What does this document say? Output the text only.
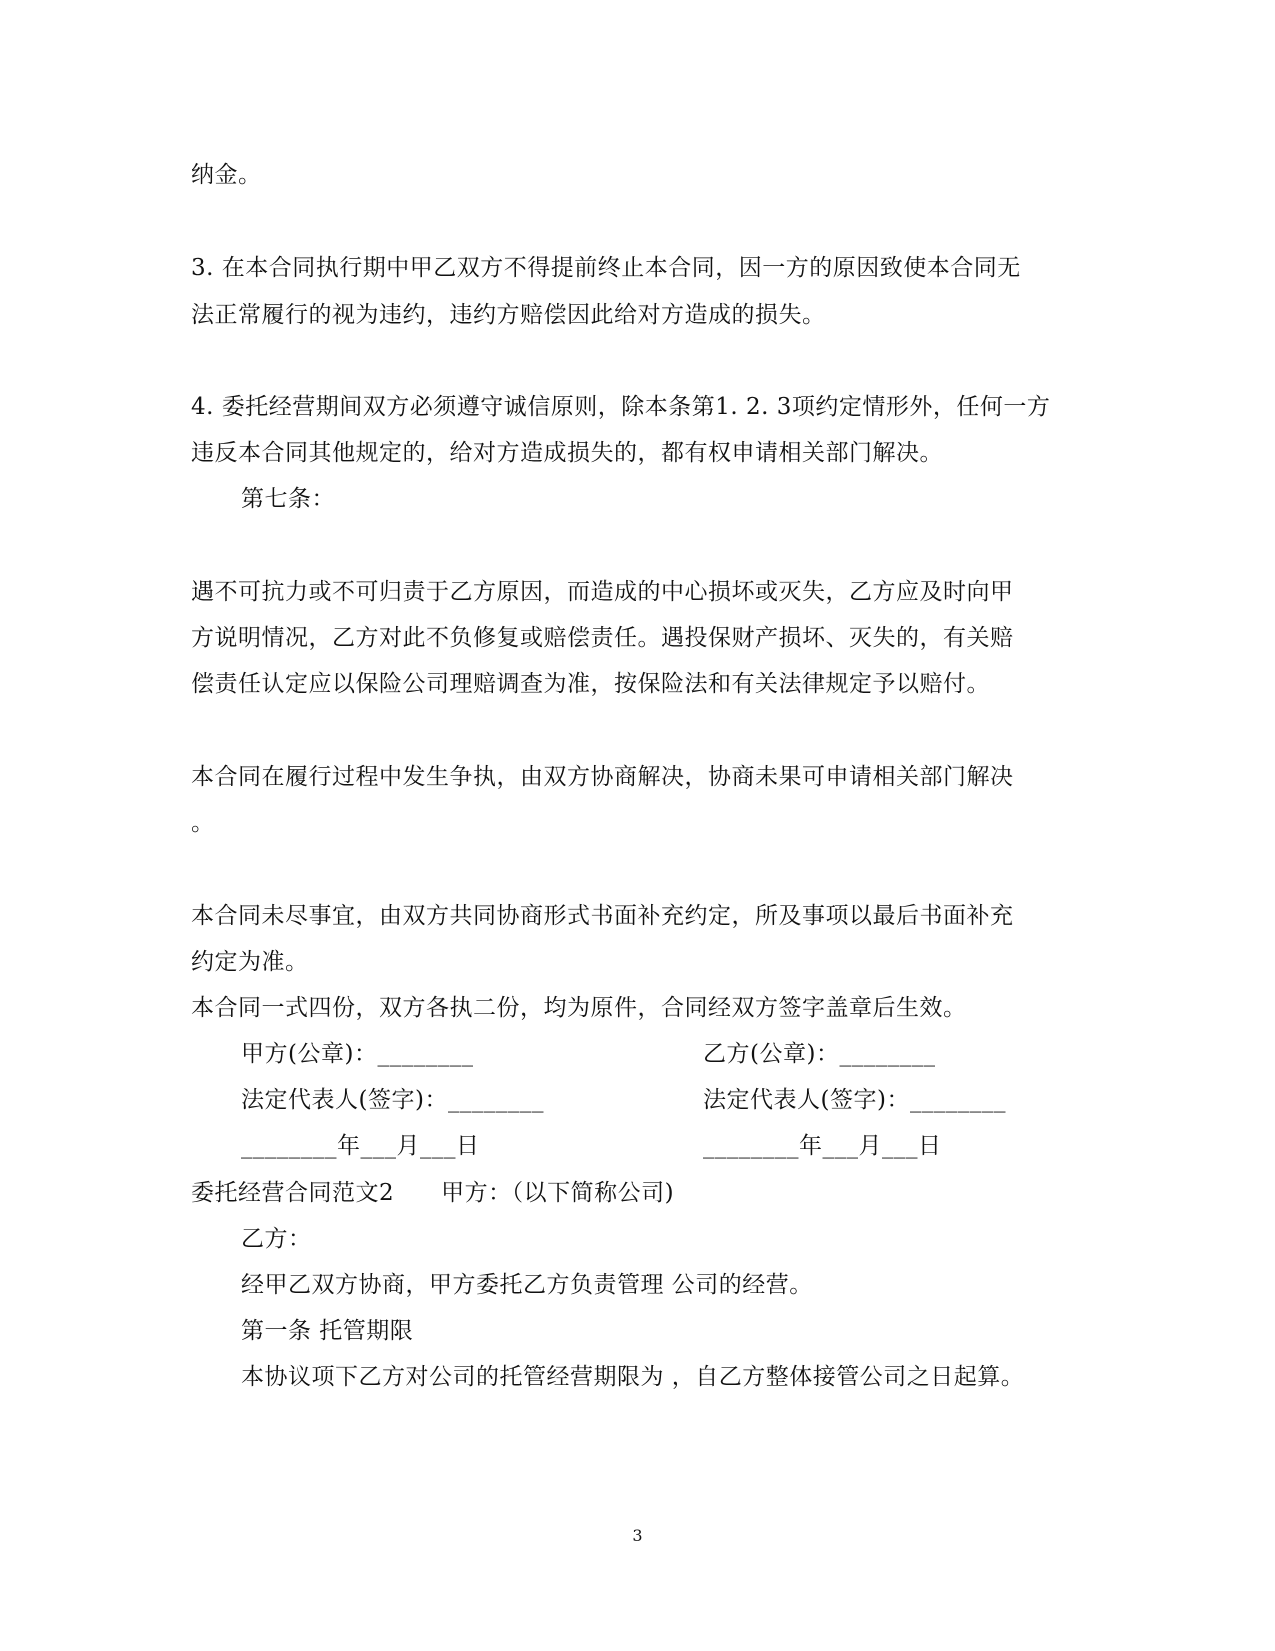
纳金。
3. 在本合同执行期中甲乙双方不得提前终止本合同，因一方的原因致使本合同无
法正常履行的视为违约，违约方赔偿因此给对方造成的损失。
4. 委托经营期间双方必须遵守诚信原则，除本条第1. 2. 3项约定情形外，任何一方
违反本合同其他规定的，给对方造成损失的，都有权申请相关部门解决。
第七条：
遇不可抗力或不可归责于乙方原因，而造成的中心损坏或灭失，乙方应及时向甲
方说明情况，乙方对此不负修复或赔偿责任。遇投保财产损坏、灭失的，有关赔
偿责任认定应以保险公司理赔调查为准，按保险法和有关法律规定予以赔付。
本合同在履行过程中发生争执，由双方协商解决，协商未果可申请相关部门解决
。
本合同未尽事宜，由双方共同协商形式书面补充约定，所及事项以最后书面补充
约定为准。
本合同一式四份，双方各执二份，均为原件，合同经双方签字盖章后生效。
甲方(公章)：________	乙方(公章)：________
法定代表人(签字)：________	法定代表人(签字)：________
________年___月___日	________年___月___日
委托经营合同范文2　　甲方：（以下简称公司)
乙方：
经甲乙双方协商，甲方委托乙方负责管理 公司的经营。
第一条 托管期限
本协议项下乙方对公司的托管经营期限为 ，自乙方整体接管公司之日起算。
3
